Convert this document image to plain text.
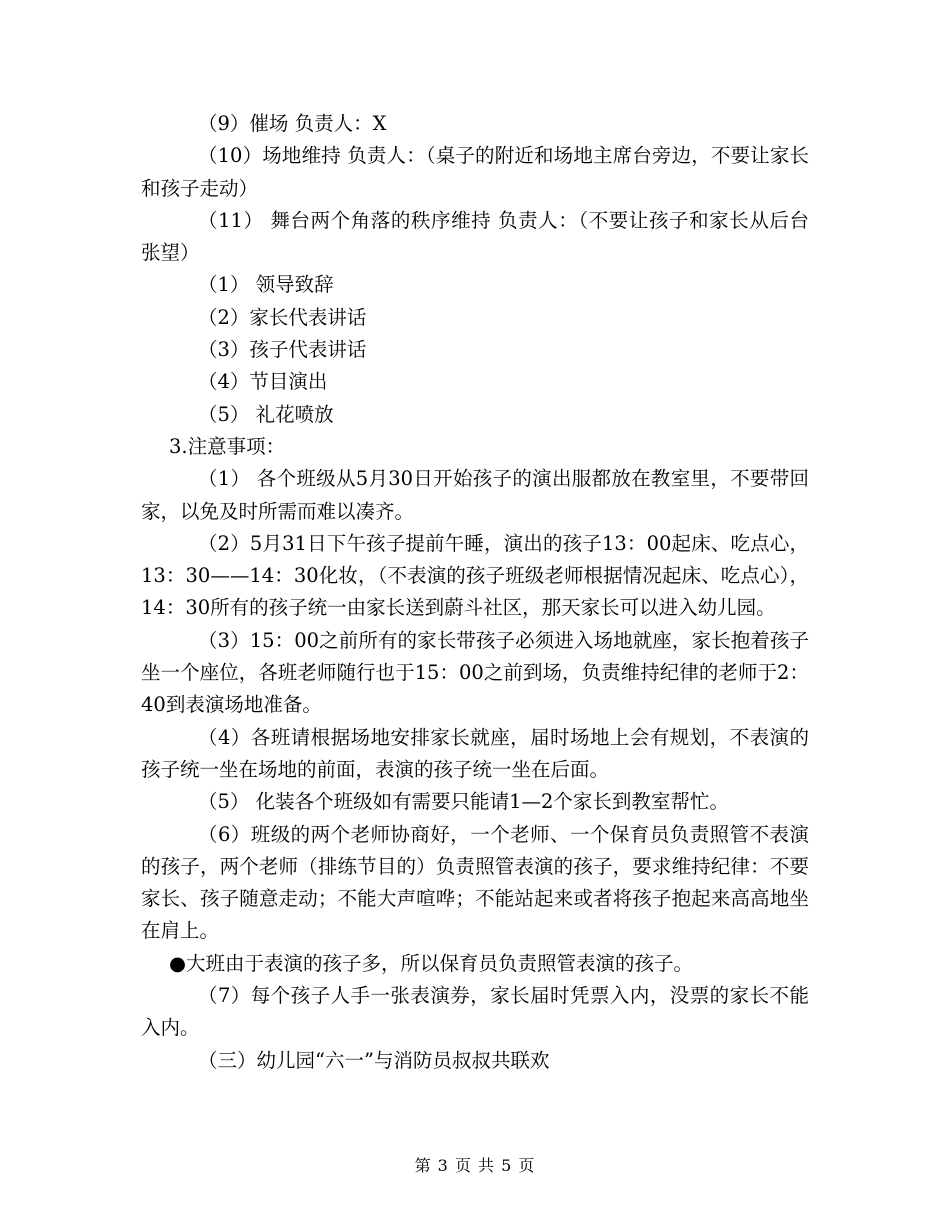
（9）催场 负责人：X

（10）场地维持 负责人：（桌子的附近和场地主席台旁边，不要让家长和孩子走动）

（11） 舞台两个角落的秩序维持 负责人：（不要让孩子和家长从后台张望）

（1） 领导致辞

（2）家长代表讲话

（3）孩子代表讲话

（4）节目演出

（5） 礼花喷放

3.注意事项：

（1） 各个班级从5月30日开始孩子的演出服都放在教室里，不要带回家，以免及时所需而难以凑齐。

（2）5月31日下午孩子提前午睡，演出的孩子13：00起床、吃点心，13：30——14：30化妆，（不表演的孩子班级老师根据情况起床、吃点心），14：30所有的孩子统一由家长送到蔚斗社区，那天家长可以进入幼儿园。

（3）15：00之前所有的家长带孩子必须进入场地就座，家长抱着孩子坐一个座位，各班老师随行也于15：00之前到场，负责维持纪律的老师于2：40到表演场地准备。

（4）各班请根据场地安排家长就座，届时场地上会有规划，不表演的孩子统一坐在场地的前面，表演的孩子统一坐在后面。

（5） 化装各个班级如有需要只能请1—2个家长到教室帮忙。

（6）班级的两个老师协商好，一个老师、一个保育员负责照管不表演的孩子，两个老师（排练节目的）负责照管表演的孩子，要求维持纪律：不要家长、孩子随意走动；不能大声喧哗；不能站起来或者将孩子抱起来高高地坐在肩上。

●大班由于表演的孩子多，所以保育员负责照管表演的孩子。

（7）每个孩子人手一张表演券，家长届时凭票入内，没票的家长不能入内。

（三）幼儿园“六一”与消防员叔叔共联欢

第 3 页 共 5 页
